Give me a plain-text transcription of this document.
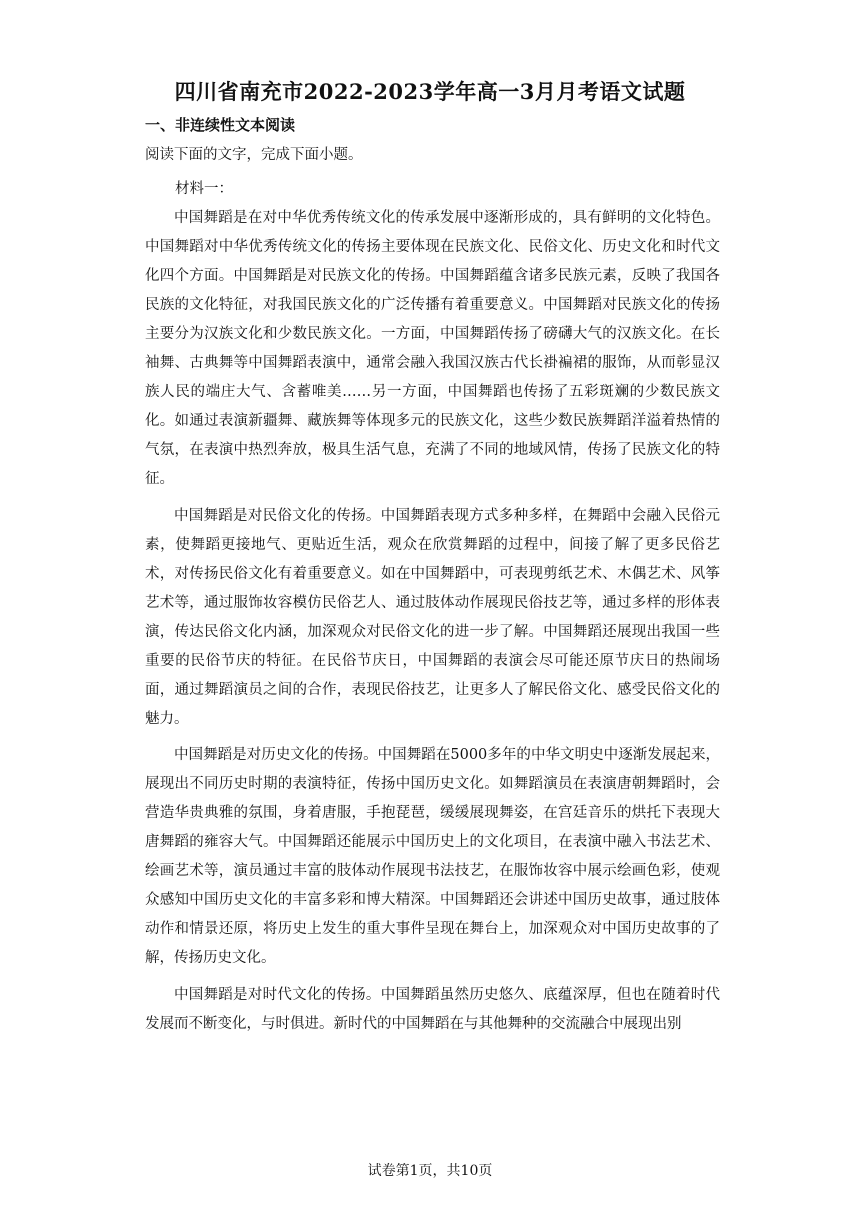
四川省南充市2022-2023学年高一3月月考语文试题
一、非连续性文本阅读
阅读下面的文字，完成下面小题。
材料一：

中国舞蹈是在对中华优秀传统文化的传承发展中逐渐形成的，具有鲜明的文化特色。中国舞蹈对中华优秀传统文化的传扬主要体现在民族文化、民俗文化、历史文化和时代文化四个方面。中国舞蹈是对民族文化的传扬。中国舞蹈蕴含诸多民族元素，反映了我国各民族的文化特征，对我国民族文化的广泛传播有着重要意义。中国舞蹈对民族文化的传扬主要分为汉族文化和少数民族文化。一方面，中国舞蹈传扬了磅礴大气的汉族文化。在长袖舞、古典舞等中国舞蹈表演中，通常会融入我国汉族古代长褂褊裙的服饰，从而彰显汉族人民的端庄大气、含蓄唯美……另一方面，中国舞蹈也传扬了五彩斑斓的少数民族文化。如通过表演新疆舞、藏族舞等体现多元的民族文化，这些少数民族舞蹈洋溢着热情的气氛，在表演中热烈奔放，极具生活气息，充满了不同的地域风情，传扬了民族文化的特征。

中国舞蹈是对民俗文化的传扬。中国舞蹈表现方式多种多样，在舞蹈中会融入民俗元素，使舞蹈更接地气、更贴近生活，观众在欣赏舞蹈的过程中，间接了解了更多民俗艺术，对传扬民俗文化有着重要意义。如在中国舞蹈中，可表现剪纸艺术、木偶艺术、风筝艺术等，通过服饰妆容模仿民俗艺人、通过肢体动作展现民俗技艺等，通过多样的形体表演，传达民俗文化内涵，加深观众对民俗文化的进一步了解。中国舞蹈还展现出我国一些重要的民俗节庆的特征。在民俗节庆日，中国舞蹈的表演会尽可能还原节庆日的热闹场面，通过舞蹈演员之间的合作，表现民俗技艺，让更多人了解民俗文化、感受民俗文化的魅力。

中国舞蹈是对历史文化的传扬。中国舞蹈在5000多年的中华文明史中逐渐发展起来，展现出不同历史时期的表演特征，传扬中国历史文化。如舞蹈演员在表演唐朝舞蹈时，会营造华贵典雅的氛围，身着唐服，手抱琵琶，缓缓展现舞姿，在宫廷音乐的烘托下表现大唐舞蹈的雍容大气。中国舞蹈还能展示中国历史上的文化项目，在表演中融入书法艺术、绘画艺术等，演员通过丰富的肢体动作展现书法技艺，在服饰妆容中展示绘画色彩，使观众感知中国历史文化的丰富多彩和博大精深。中国舞蹈还会讲述中国历史故事，通过肢体动作和情景还原，将历史上发生的重大事件呈现在舞台上，加深观众对中国历史故事的了解，传扬历史文化。

中国舞蹈是对时代文化的传扬。中国舞蹈虽然历史悠久、底蕴深厚，但也在随着时代发展而不断变化，与时俱进。新时代的中国舞蹈在与其他舞种的交流融合中展现出别

试卷第1页，共10页
